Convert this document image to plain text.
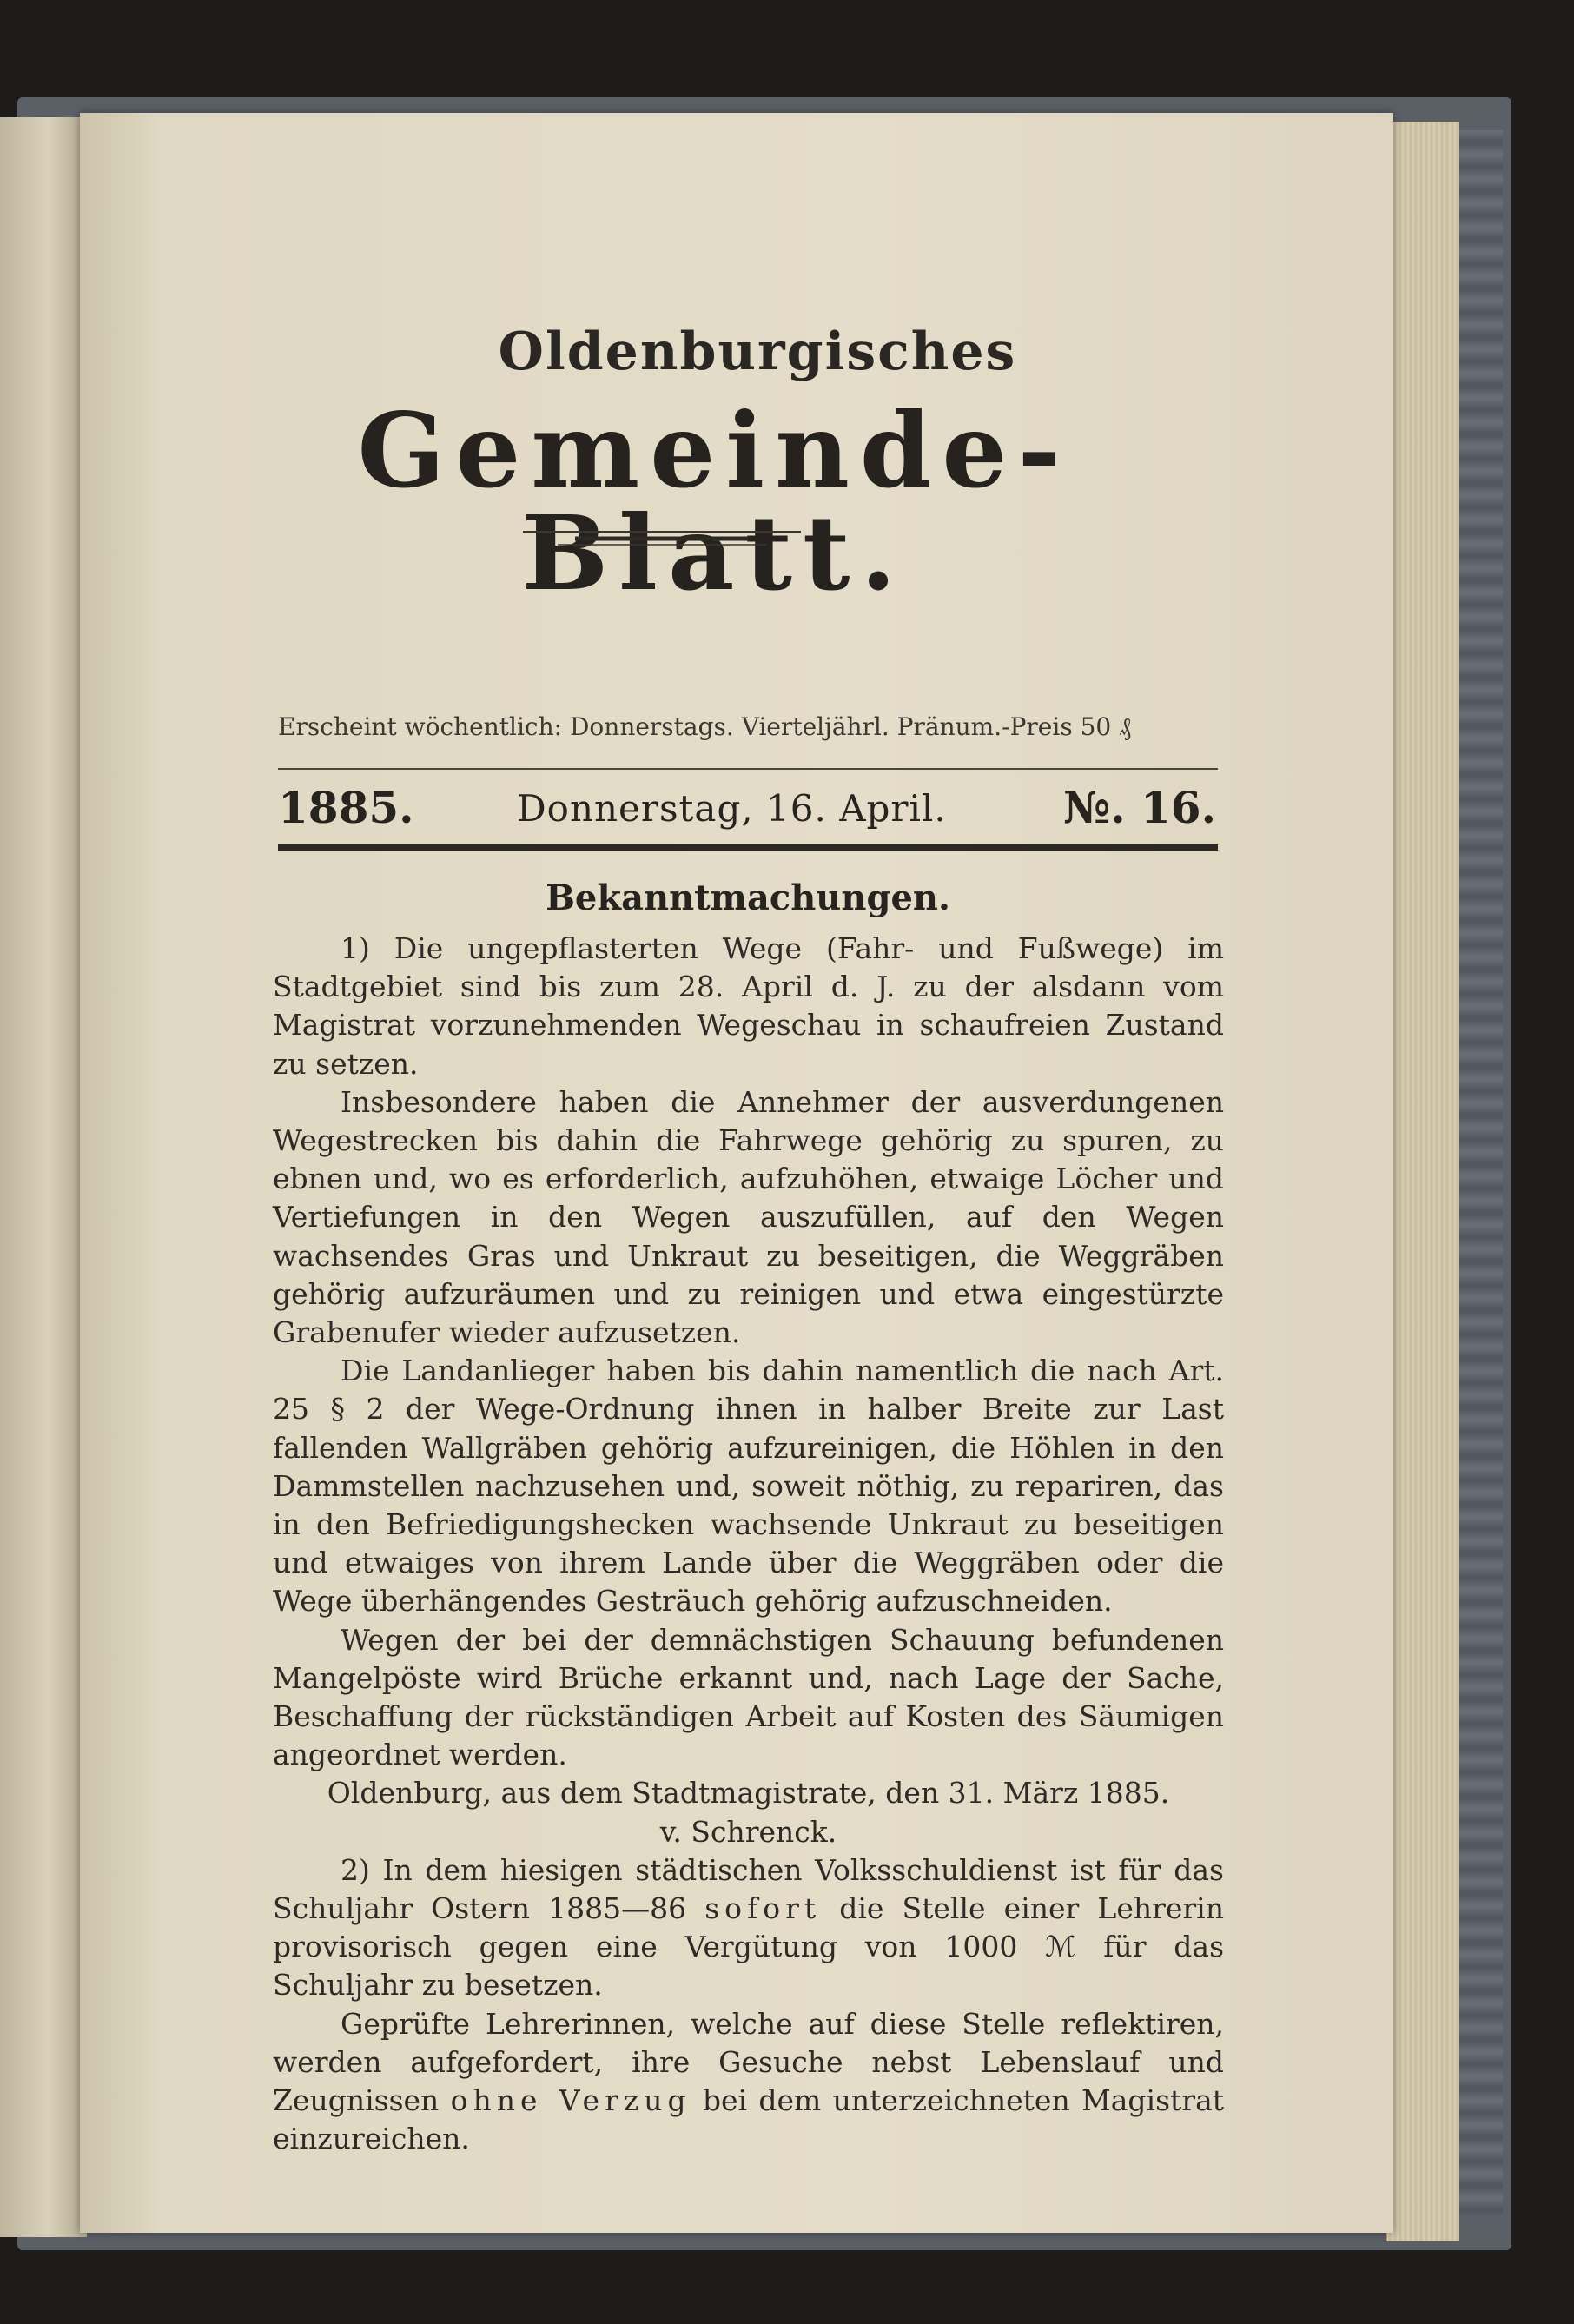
Oldenburgisches
Gemeinde-Blatt.
Erscheint wöchentlich: Donnerstags. Vierteljährl. Pränum.-Preis 50 ₰
1885.	Donnerstag, 16. April.	№. 16.
Bekanntmachungen.

1) Die ungepflasterten Wege (Fahr- und Fußwege) im Stadtgebiet sind bis zum 28. April d. J. zu der alsdann vom Magistrat vorzunehmenden Wegeschau in schaufreien Zustand zu setzen.

Insbesondere haben die Annehmer der ausverdungenen Wegestrecken bis dahin die Fahrwege gehörig zu spuren, zu ebnen und, wo es erforderlich, aufzuhöhen, etwaige Löcher und Vertiefungen in den Wegen auszufüllen, auf den Wegen wachsendes Gras und Unkraut zu beseitigen, die Weggräben gehörig aufzuräumen und zu reinigen und etwa eingestürzte Grabenufer wieder aufzusetzen.

Die Landanlieger haben bis dahin namentlich die nach Art. 25 § 2 der Wege-Ordnung ihnen in halber Breite zur Last fallenden Wallgräben gehörig aufzureinigen, die Höhlen in den Dammstellen nachzusehen und, soweit nöthig, zu repariren, das in den Befriedigungshecken wachsende Unkraut zu beseitigen und etwaiges von ihrem Lande über die Weggräben oder die Wege überhängendes Gesträuch gehörig aufzuschneiden.

Wegen der bei der demnächstigen Schauung befundenen Mangelpöste wird Brüche erkannt und, nach Lage der Sache, Beschaffung der rückständigen Arbeit auf Kosten des Säumigen angeordnet werden.

Oldenburg, aus dem Stadtmagistrate, den 31. März 1885.

v. Schrenck.

2) In dem hiesigen städtischen Volksschuldienst ist für das Schuljahr Ostern 1885—86 sofort die Stelle einer Lehrerin provisorisch gegen eine Vergütung von 1000 ℳ für das Schuljahr zu besetzen.

Geprüfte Lehrerinnen, welche auf diese Stelle reflektiren, werden aufgefordert, ihre Gesuche nebst Lebenslauf und Zeugnissen ohne Verzug bei dem unterzeichneten Magistrat einzureichen.
